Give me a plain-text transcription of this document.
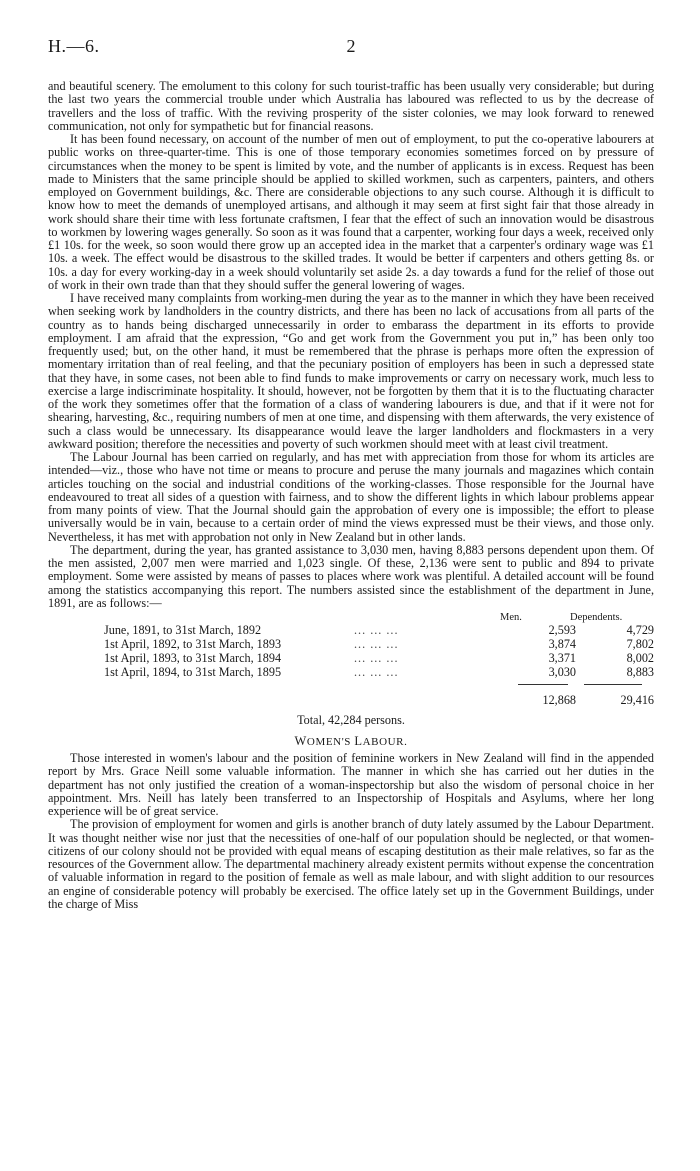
H.—6.	2

and beautiful scenery. The emolument to this colony for such tourist-traffic has been usually very considerable; but during the last two years the commercial trouble under which Australia has laboured was reflected to us by the decrease of travellers and the loss of traffic. With the reviving prosperity of the sister colonies, we may look forward to renewed communication, not only for sympathetic but for financial reasons.

It has been found necessary, on account of the number of men out of employment, to put the co-operative labourers at public works on three-quarter-time. This is one of those temporary economies sometimes forced on by pressure of circumstances when the money to be spent is limited by vote, and the number of applicants is in excess. Request has been made to Ministers that the same principle should be applied to skilled workmen, such as carpenters, painters, and others employed on Government buildings, &c. There are considerable objections to any such course. Although it is difficult to know how to meet the demands of unemployed artisans, and although it may seem at first sight fair that those already in work should share their time with less fortunate craftsmen, I fear that the effect of such an innovation would be disastrous to workmen by lowering wages generally. So soon as it was found that a carpenter, working four days a week, received only £1 10s. for the week, so soon would there grow up an accepted idea in the market that a carpenter's ordinary wage was £1 10s. a week. The effect would be disastrous to the skilled trades. It would be better if carpenters and others getting 8s. or 10s. a day for every working-day in a week should voluntarily set aside 2s. a day towards a fund for the relief of those out of work in their own trade than that they should suffer the general lowering of wages.

I have received many complaints from working-men during the year as to the manner in which they have been received when seeking work by landholders in the country districts, and there has been no lack of accusations from all parts of the country as to hands being discharged unnecessarily in order to embarass the department in its efforts to provide employment. I am afraid that the expression, “Go and get work from the Government you put in,” has been only too frequently used; but, on the other hand, it must be remembered that the phrase is perhaps more often the expression of momentary irritation than of real feeling, and that the pecuniary position of employers has been in such a depressed state that they have, in some cases, not been able to find funds to make improvements or carry on necessary work, much less to exercise a large indiscriminate hospitality. It should, however, not be forgotten by them that it is to the fluctuating character of the work they sometimes offer that the formation of a class of wandering labourers is due, and that if it were not for shearing, harvesting, &c., requiring numbers of men at one time, and dispensing with them afterwards, the very existence of such a class would be unnecessary. Its disappearance would leave the larger landholders and flockmasters in a very awkward position; therefore the necessities and poverty of such workmen should meet with at least civil treatment.

The Labour Journal has been carried on regularly, and has met with appreciation from those for whom its articles are intended—viz., those who have not time or means to procure and peruse the many journals and magazines which contain articles touching on the social and industrial conditions of the working-classes. Those responsible for the Journal have endeavoured to treat all sides of a question with fairness, and to show the different lights in which labour problems appear from many points of view. That the Journal should gain the approbation of every one is impossible; the effort to please universally would be in vain, because to a certain order of mind the views expressed must be their views, and those only. Nevertheless, it has met with approbation not only in New Zealand but in other lands.

The department, during the year, has granted assistance to 3,030 men, having 8,883 persons dependent upon them. Of the men assisted, 2,007 men were married and 1,023 single. Of these, 2,136 were sent to public and 894 to private employment. Some were assisted by means of passes to places where work was plentiful. A detailed account will be found among the statistics accompanying this report. The numbers assisted since the establishment of the department in June, 1891, are as follows:—

Men.	Dependents.
June, 1891, to 31st March, 1892	... ... ...	2,593	4,729
1st April, 1892, to 31st March, 1893	... ... ...	3,874	7,802
1st April, 1893, to 31st March, 1894	... ... ...	3,371	8,002
1st April, 1894, to 31st March, 1895	... ... ...	3,030	8,883
12,868	29,416
Total, 42,284 persons.

WOMEN'S LABOUR.

Those interested in women's labour and the position of feminine workers in New Zealand will find in the appended report by Mrs. Grace Neill some valuable information. The manner in which she has carried out her duties in the department has not only justified the creation of a woman-inspectorship but also the wisdom of personal choice in her appointment. Mrs. Neill has lately been transferred to an Inspectorship of Hospitals and Asylums, where her long experience will be of great service.

The provision of employment for women and girls is another branch of duty lately assumed by the Labour Department. It was thought neither wise nor just that the necessities of one-half of our population should be neglected, or that women-citizens of our colony should not be provided with equal means of escaping destitution as their male relatives, so far as the resources of the Government allow. The departmental machinery already existent permits without expense the concentration of valuable information in regard to the position of female as well as male labour, and with slight addition to our resources an engine of considerable potency will probably be exercised. The office lately set up in the Government Buildings, under the charge of Miss
